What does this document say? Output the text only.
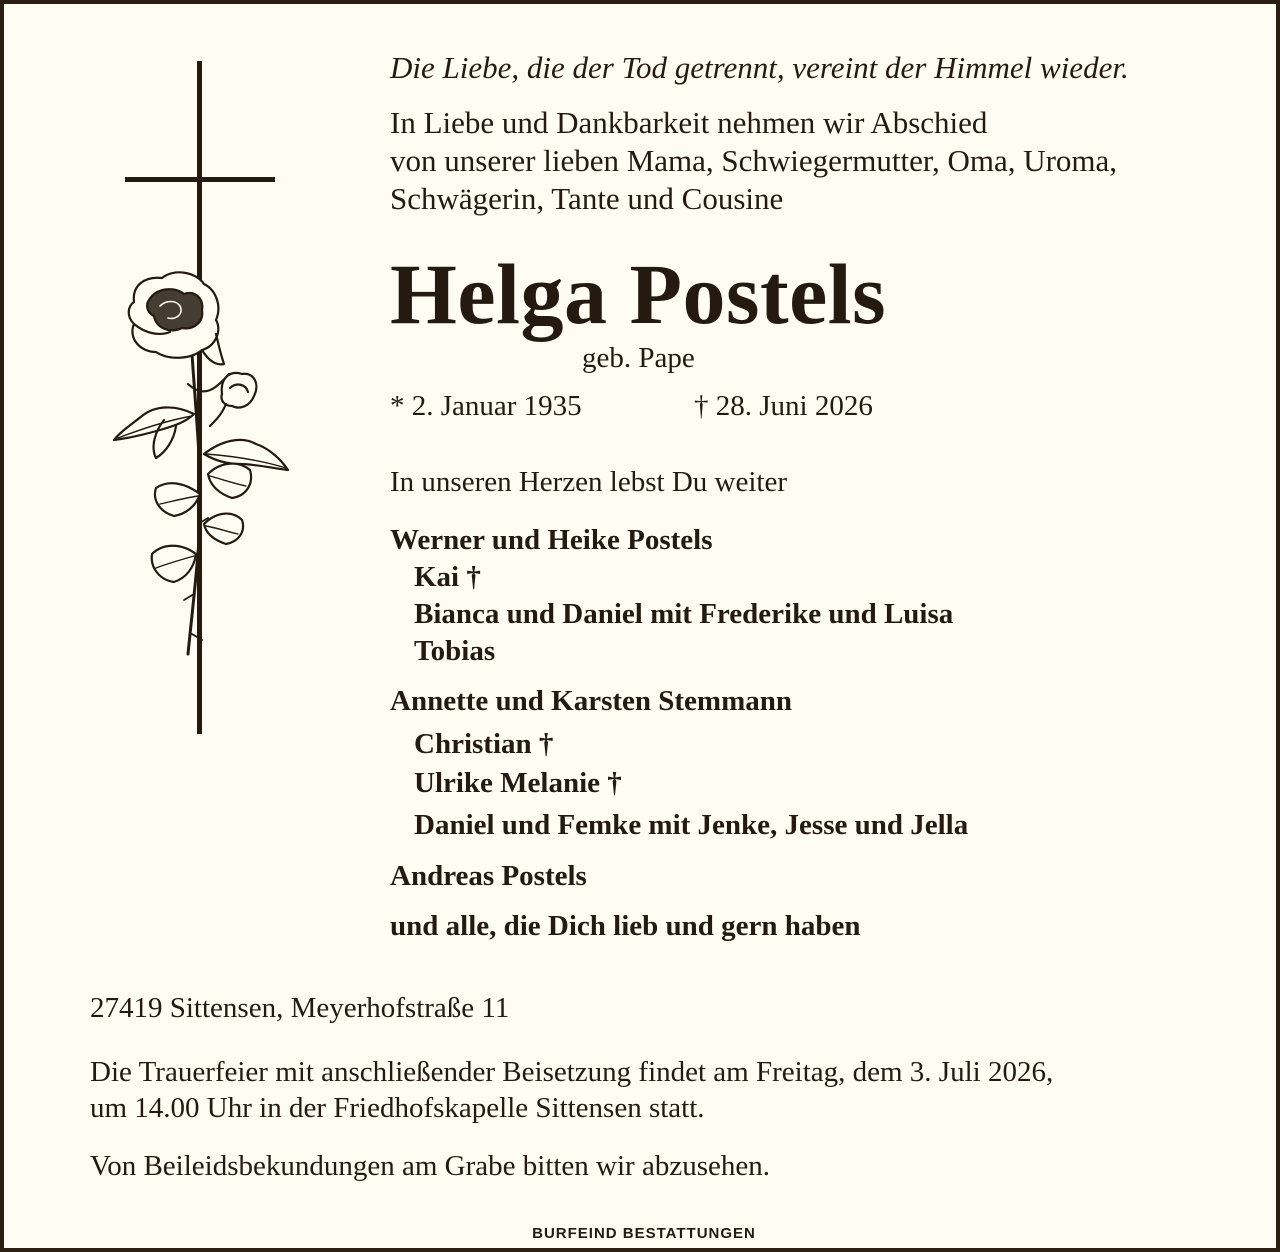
Die Liebe, die der Tod getrennt, vereint der Himmel wieder.
In Liebe und Dankbarkeit nehmen wir Abschied
von unserer lieben Mama, Schwiegermutter, Oma, Uroma,
Schwägerin, Tante und Cousine
Helga Postels
geb. Pape
* 2. Januar 1935	† 28. Juni 2026
In unseren Herzen lebst Du weiter
Werner und Heike Postels
Kai †
Bianca und Daniel mit Frederike und Luisa
Tobias
Annette und Karsten Stemmann
Christian †
Ulrike Melanie †
Daniel und Femke mit Jenke, Jesse und Jella
Andreas Postels
und alle, die Dich lieb und gern haben
27419 Sittensen, Meyerhofstraße 11
Die Trauerfeier mit anschließender Beisetzung findet am Freitag, dem 3. Juli 2026,
um 14.00 Uhr in der Friedhofskapelle Sittensen statt.
Von Beileidsbekundungen am Grabe bitten wir abzusehen.
BURFEIND BESTATTUNGEN
